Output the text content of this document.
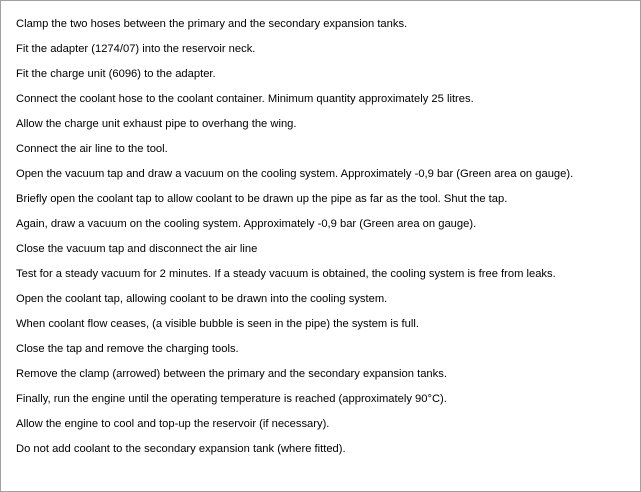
Clamp the two hoses between the primary and the secondary expansion tanks.
Fit the adapter (1274/07) into the reservoir neck.
Fit the charge unit (6096) to the adapter.
Connect the coolant hose to the coolant container. Minimum quantity approximately 25 litres.
Allow the charge unit exhaust pipe to overhang the wing.
Connect the air line to the tool.
Open the vacuum tap and draw a vacuum on the cooling system. Approximately -0,9 bar (Green area on gauge).
Briefly open the coolant tap to allow coolant to be drawn up the pipe as far as the tool. Shut the tap.
Again, draw a vacuum on the cooling system. Approximately -0,9 bar (Green area on gauge).
Close the vacuum tap and disconnect the air line
Test for a steady vacuum for 2 minutes. If a steady vacuum is obtained, the cooling system is free from leaks.
Open the coolant tap, allowing coolant to be drawn into the cooling system.
When coolant flow ceases, (a visible bubble is seen in the pipe) the system is full.
Close the tap and remove the charging tools.
Remove the clamp (arrowed) between the primary and the secondary expansion tanks.
Finally, run the engine until the operating temperature is reached (approximately 90°C).
Allow the engine to cool and top-up the reservoir (if necessary).
Do not add coolant to the secondary expansion tank (where fitted).
